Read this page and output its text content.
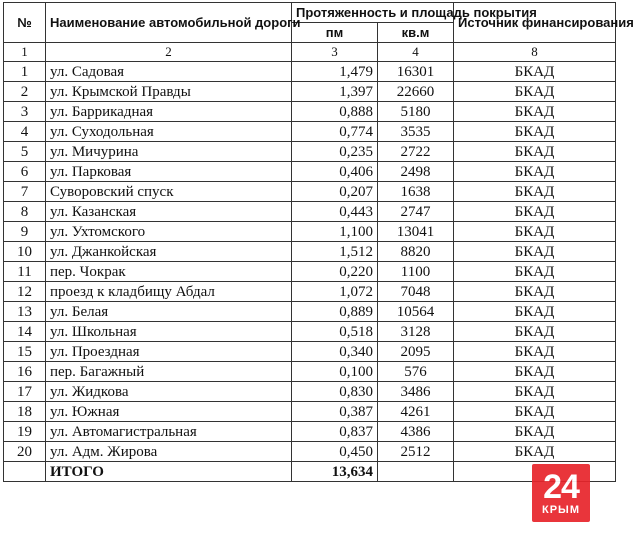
№	Наименование автомобильной дороги	Протяженность и площадь покрытия		Источник финансирования
		пм	кв.м	
1	2	3	4	8
1	ул. Садовая	1,479	16301	БКАД
2	ул. Крымской Правды	1,397	22660	БКАД
3	ул. Баррикадная	0,888	5180	БКАД
4	ул. Суходольная	0,774	3535	БКАД
5	ул. Мичурина	0,235	2722	БКАД
6	ул. Парковая	0,406	2498	БКАД
7	Суворовский спуск	0,207	1638	БКАД
8	ул. Казанская	0,443	2747	БКАД
9	ул. Ухтомского	1,100	13041	БКАД
10	ул. Джанкойская	1,512	8820	БКАД
11	пер. Чокрак	0,220	1100	БКАД
12	проезд к кладбищу Абдал	1,072	7048	БКАД
13	ул. Белая	0,889	10564	БКАД
14	ул. Школьная	0,518	3128	БКАД
15	ул. Проездная	0,340	2095	БКАД
16	пер. Багажный	0,100	576	БКАД
17	ул. Жидкова	0,830	3486	БКАД
18	ул. Южная	0,387	4261	БКАД
19	ул. Автомагистральная	0,837	4386	БКАД
20	ул. Адм. Жирова	0,450	2512	БКАД
	ИТОГО	13,634			24
КРЫМ
